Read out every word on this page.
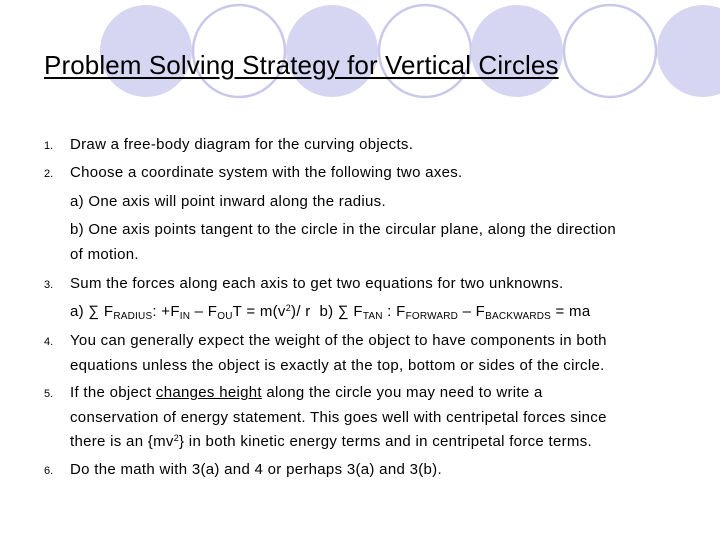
Problem Solving Strategy for Vertical Circles
1. Draw a free-body diagram for the curving objects.
2. Choose a coordinate system with the following two axes.
a) One axis will point inward along the radius.
b) One axis points tangent to the circle in the circular plane, along the direction
of motion.
3. Sum the forces along each axis to get two equations for two unknowns.
a) ∑ $F_{RADIUS}$: $+F_{IN} - F_{OU}T = m(v^2)/$ r b) ∑ $F_{TAN}$ : $F_{FORWARD} - F_{BACKWARDS}$ = ma
4. You can generally expect the weight of the object to have components in both
equations unless the object is exactly at the top, bottom or sides of the circle.
5. If the object changes height along the circle you may need to write a
conservation of energy statement. This goes well with centripetal forces since
there is an $\{mv^2\}$ in both kinetic energy terms and in centripetal force terms.
6. Do the math with 3(a) and 4 or perhaps 3(a) and 3(b).
